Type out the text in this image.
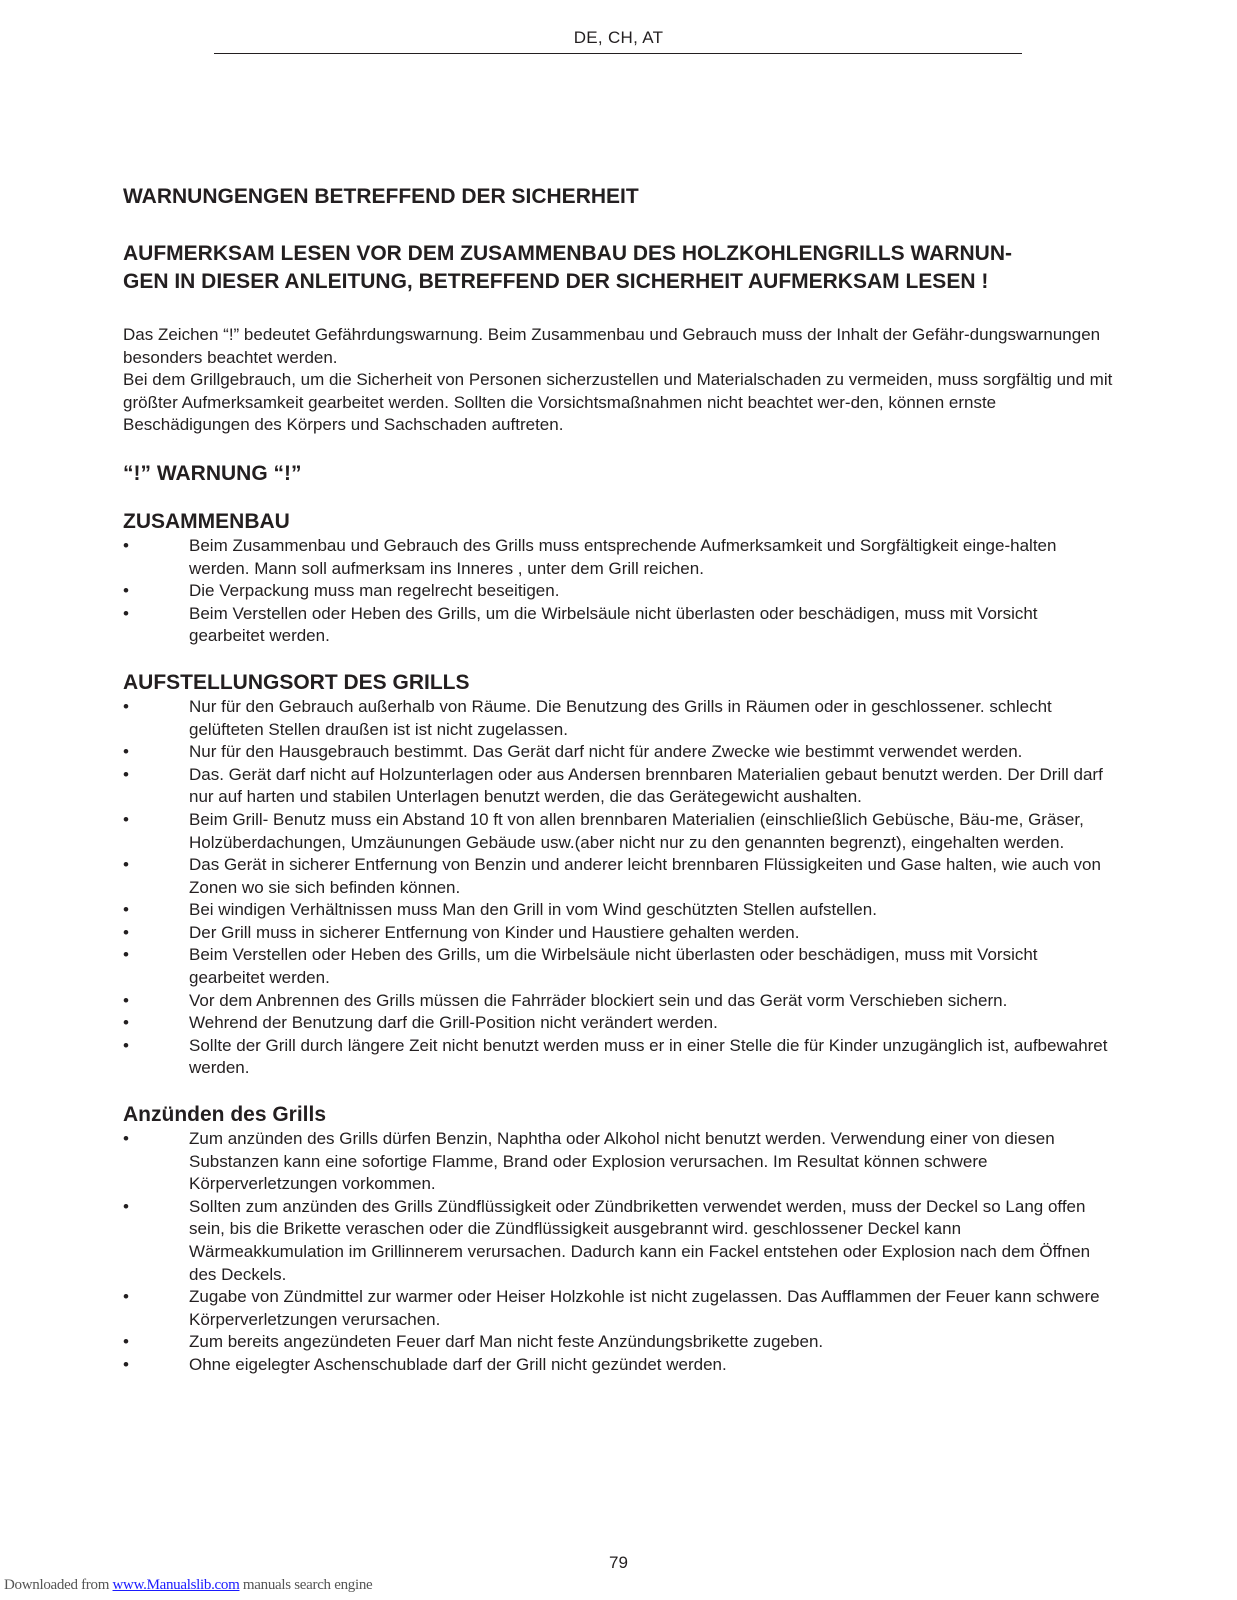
DE, CH, AT
WARNUNGENGEN BETREFFEND DER SICHERHEIT
AUFMERKSAM LESEN VOR DEM ZUSAMMENBAU DES HOLZKOHLENGRILLS WARNUN-
GEN IN DIESER ANLEITUNG, BETREFFEND DER SICHERHEIT AUFMERKSAM LESEN !

Das Zeichen “!” bedeutet Gefährdungswarnung. Beim Zusammenbau und Gebrauch muss der Inhalt der Gefähr-dungswarnungen besonders beachtet werden.

Bei dem Grillgebrauch, um die Sicherheit von Personen sicherzustellen und Materialschaden zu vermeiden, muss sorgfältig und mit größter Aufmerksamkeit gearbeitet werden. Sollten die Vorsichtsmaßnahmen nicht beachtet wer-den, können ernste Beschädigungen des Körpers und Sachschaden auftreten.

“!” WARNUNG “!”
ZUSAMMENBAU
•	Beim Zusammenbau und Gebrauch des Grills muss entsprechende Aufmerksamkeit und Sorgfältigkeit einge-halten werden. Mann soll aufmerksam ins Inneres , unter dem Grill reichen.
•	Die Verpackung muss man regelrecht beseitigen.
•	Beim Verstellen oder Heben des Grills, um die Wirbelsäule nicht überlasten oder beschädigen, muss mit Vorsicht gearbeitet werden.
AUFSTELLUNGSORT DES GRILLS
•	Nur für den Gebrauch außerhalb von Räume. Die Benutzung des Grills in Räumen oder in geschlossener. schlecht gelüfteten Stellen draußen ist ist nicht zugelassen.
•	Nur für den Hausgebrauch bestimmt. Das Gerät darf nicht für andere Zwecke wie bestimmt verwendet werden.
•	Das. Gerät darf nicht auf Holzunterlagen oder aus Andersen brennbaren Materialien gebaut benutzt werden. Der Drill darf nur auf harten und stabilen Unterlagen benutzt werden, die das Gerätegewicht aushalten.
•	Beim Grill- Benutz muss ein Abstand 10 ft von allen brennbaren Materialien (einschließlich Gebüsche, Bäu-me, Gräser, Holzüberdachungen, Umzäunungen Gebäude usw.(aber nicht nur zu den genannten begrenzt), eingehalten werden.
•	Das Gerät in sicherer Entfernung von Benzin und anderer leicht brennbaren Flüssigkeiten und Gase halten, wie auch von Zonen wo sie sich befinden können.
•	Bei windigen Verhältnissen muss Man den Grill in vom Wind geschützten Stellen aufstellen.
•	Der Grill muss in sicherer Entfernung von Kinder und Haustiere gehalten werden.
•	Beim Verstellen oder Heben des Grills, um die Wirbelsäule nicht überlasten oder beschädigen, muss mit Vorsicht gearbeitet werden.
•	Vor dem Anbrennen des Grills müssen die Fahrräder blockiert sein und das Gerät vorm Verschieben sichern.
•	Wehrend der Benutzung darf die Grill-Position nicht verändert werden.
•	Sollte der Grill durch längere Zeit nicht benutzt werden muss er in einer Stelle die für Kinder unzugänglich ist, aufbewahret werden.
Anzünden des Grills
•	Zum anzünden des Grills dürfen Benzin, Naphtha oder Alkohol nicht benutzt werden. Verwendung einer von diesen Substanzen kann eine sofortige Flamme, Brand oder Explosion verursachen. Im Resultat können schwere Körperverletzungen vorkommen.
•	Sollten zum anzünden des Grills Zündflüssigkeit oder Zündbriketten verwendet werden, muss der Deckel so Lang offen sein, bis die Brikette veraschen oder die Zündflüssigkeit ausgebrannt wird. geschlossener Deckel kann Wärmeakkumulation im Grillinnerem verursachen. Dadurch kann ein Fackel entstehen oder Explosion nach dem Öffnen des Deckels.
•	Zugabe von Zündmittel zur warmer oder Heiser Holzkohle ist nicht zugelassen. Das Aufflammen der Feuer kann schwere Körperverletzungen verursachen.
•	Zum bereits angezündeten Feuer darf Man nicht feste Anzündungsbrikette zugeben.
•	Ohne eigelegter Aschenschublade darf der Grill nicht gezündet werden.
79
Downloaded from www.Manualslib.com manuals search engine
